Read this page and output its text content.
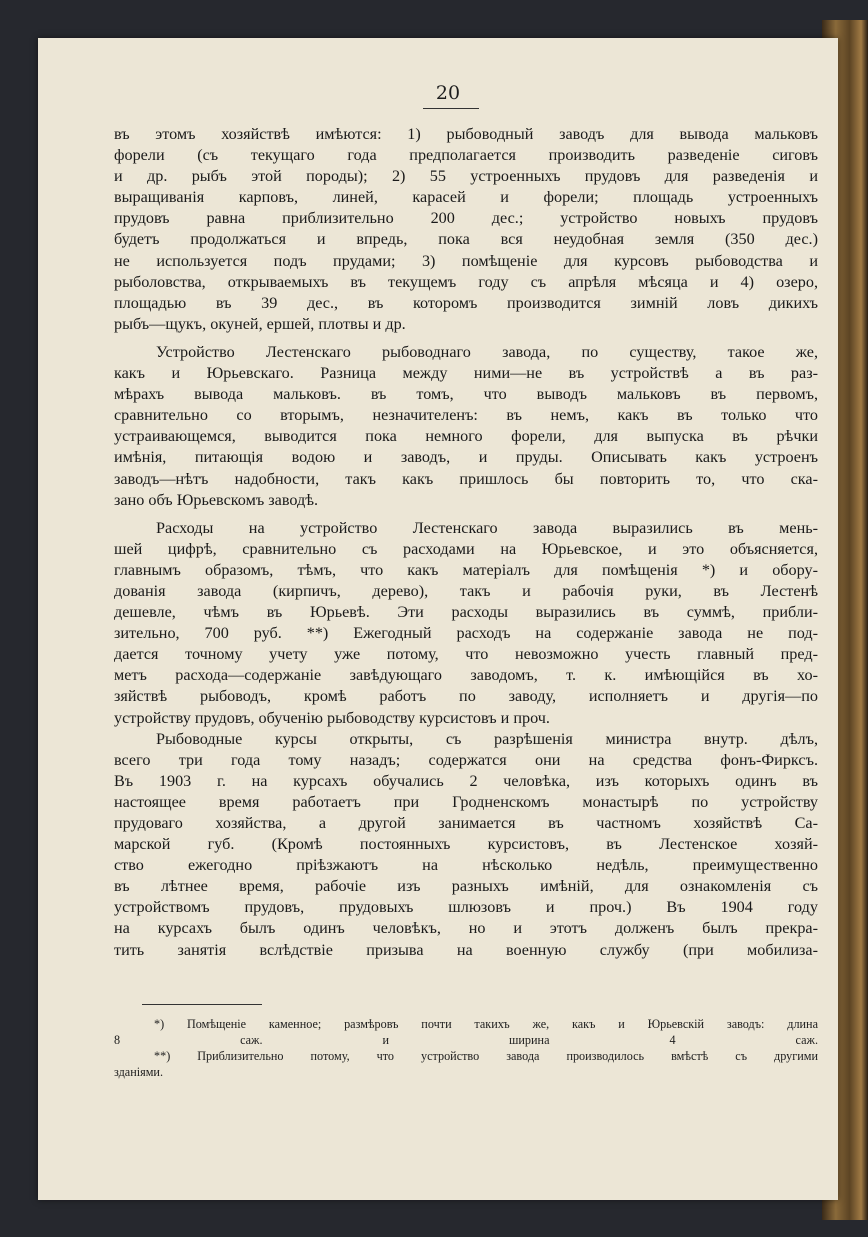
20
въ этомъ хозяйствѣ имѣются: 1) рыбоводный заводъ для вывода мальковъ
форели (съ текущаго года предполагается производить разведенiе сиговъ
и др. рыбъ этой породы); 2) 55 устроенныхъ прудовъ для разведенiя и
выращиванiя карповъ, линей, карасей и форели; площадь устроенныхъ
прудовъ равна приблизительно 200 дес.; устройство новыхъ прудовъ
будетъ продолжаться и впредь, пока вся неудобная земля (350 дес.)
не используется подъ прудами; 3) помѣщенiе для курсовъ рыбоводства и
рыболовства, открываемыхъ въ текущемъ году съ апрѣля мѣсяца и 4) озеро,
площадью въ 39 дес., въ которомъ производится зимнiй ловъ дикихъ
рыбъ—щукъ, окуней, ершей, плотвы и др.
Устройство Лестенскаго рыбоводнаго завода, по существу, такое же,
какъ и Юрьевскаго. Разница между ними—не въ устройствѣ а въ раз-
мѣрахъ вывода мальковъ. въ томъ, что выводъ мальковъ въ первомъ,
сравнительно со вторымъ, незначителенъ: въ немъ, какъ въ только что
устраивающемся, выводится пока немного форели, для выпуска въ рѣчки
имѣнiя, питающiя водою и заводъ, и пруды. Описывать какъ устроенъ
заводъ—нѣтъ надобности, такъ какъ пришлось бы повторить то, что ска-
зано объ Юрьевскомъ заводѣ.
Расходы на устройство Лестенскаго завода выразились въ мень-
шей цифрѣ, сравнительно съ расходами на Юрьевское, и это объясняется,
главнымъ образомъ, тѣмъ, что какъ матерiалъ для помѣщенiя *) и обору-
дованiя завода (кирпичъ, дерево), такъ и рабочiя руки, въ Лестенѣ
дешевле, чѣмъ въ Юрьевѣ. Эти расходы выразились въ суммѣ, прибли-
зительно, 700 руб. **) Ежегодный расходъ на содержанiе завода не под-
дается точному учету уже потому, что невозможно учесть главный пред-
метъ расхода—содержанiе завѣдующаго заводомъ, т. к. имѣющiйся въ хо-
зяйствѣ рыбоводъ, кромѣ работъ по заводу, исполняетъ и другiя—по
устройству прудовъ, обученiю рыбоводству курсистовъ и проч.
Рыбоводные курсы открыты, съ разрѣшенiя министра внутр. дѣлъ,
всего три года тому назадъ; содержатся они на средства фонъ-Фирксъ.
Въ 1903 г. на курсахъ обучались 2 человѣка, изъ которыхъ одинъ въ
настоящее время работаетъ при Гродненскомъ монастырѣ по устройству
прудоваго хозяйства, а другой занимается въ частномъ хозяйствѣ Са-
марской губ. (Кромѣ постоянныхъ курсистовъ, въ Лестенское хозяй-
ство ежегодно прiѣзжаютъ на нѣсколько недѣль, преимущественно
въ лѣтнее время, рабочiе изъ разныхъ имѣнiй, для ознакомленiя съ
устройствомъ прудовъ, прудовыхъ шлюзовъ и проч.) Въ 1904 году
на курсахъ былъ одинъ человѣкъ, но и этотъ долженъ былъ прекра-
тить занятiя вслѣдствiе призыва на военную службу (при мобилиза-
*) Помѣщенiе каменное; размѣровъ почти такихъ же, какъ и Юрьевскiй заводъ: длина
8 саж. и ширина 4 саж.
**) Приблизительно потому, что устройство завода производилось вмѣстѣ съ другими
зданiями.
